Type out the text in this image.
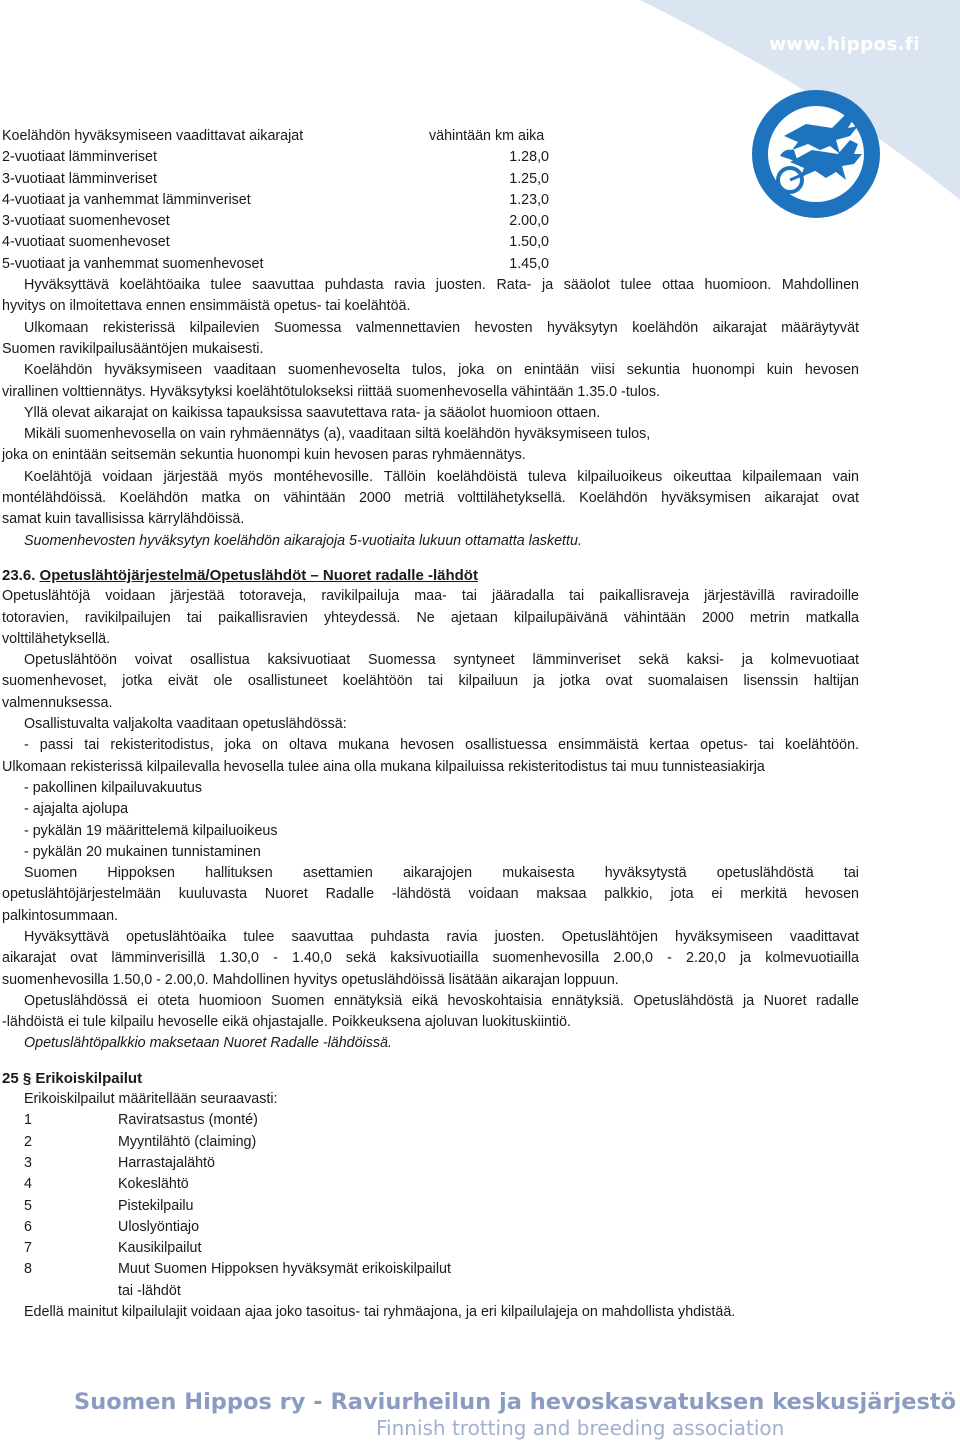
www.hippos.fi
Koelähdön hyväksymiseen vaadittavat aikarajat	vähintään km aika
2-vuotiaat lämminveriset	1.28,0
3-vuotiaat lämminveriset	1.25,0
4-vuotiaat ja vanhemmat lämminveriset	1.23,0
3-vuotiaat suomenhevoset	2.00,0
4-vuotiaat suomenhevoset	1.50,0
5-vuotiaat ja vanhemmat suomenhevoset	1.45,0
Hyväksyttävä koelähtöaika tulee saavuttaa puhdasta ravia juosten. Rata- ja sääolot tulee ottaa huomioon. Mahdollinen
hyvitys on ilmoitettava ennen ensimmäistä opetus- tai koelähtöä.
Ulkomaan rekisterissä kilpailevien Suomessa valmennettavien hevosten hyväksytyn koelähdön aikarajat määräytyvät
Suomen ravikilpailusääntöjen mukaisesti.
Koelähdön hyväksymiseen vaaditaan suomenhevoselta tulos, joka on enintään viisi sekuntia huonompi kuin hevosen
virallinen volttiennätys. Hyväksytyksi koelähtötulokseksi riittää suomenhevosella vähintään 1.35.0 -tulos.
Yllä olevat aikarajat on kaikissa tapauksissa saavutettava rata- ja sääolot huomioon ottaen.
Mikäli suomenhevosella on vain ryhmäennätys (a), vaaditaan siltä koelähdön hyväksymiseen tulos,
joka on enintään seitsemän sekuntia huonompi kuin hevosen paras ryhmäennätys.
Koelähtöjä voidaan järjestää myös montéhevosille. Tällöin koelähdöistä tuleva kilpailuoikeus oikeuttaa kilpailemaan vain
montélähdöissä. Koelähdön matka on vähintään 2000 metriä volttilähetyksellä. Koelähdön hyväksymisen aikarajat ovat
samat kuin tavallisissa kärrylähdöissä.
Suomenhevosten hyväksytyn koelähdön aikarajoja 5-vuotiaita lukuun ottamatta laskettu.
23.6. Opetuslähtöjärjestelmä/Opetuslähdöt – Nuoret radalle -lähdöt
Opetuslähtöjä voidaan järjestää totoraveja, ravikilpailuja maa- tai jääradalla tai paikallisraveja järjestävillä raviradoille
totoravien, ravikilpailujen tai paikallisravien yhteydessä. Ne ajetaan kilpailupäivänä vähintään 2000 metrin matkalla
volttilähetyksellä.
Opetuslähtöön voivat osallistua kaksivuotiaat Suomessa syntyneet lämminveriset sekä kaksi- ja kolmevuotiaat
suomenhevoset, jotka eivät ole osallistuneet koelähtöön tai kilpailuun ja jotka ovat suomalaisen lisenssin haltijan
valmennuksessa.
Osallistuvalta valjakolta vaaditaan opetuslähdössä:
- passi tai rekisteritodistus, joka on oltava mukana hevosen osallistuessa ensimmäistä kertaa opetus- tai koelähtöön.
Ulkomaan rekisterissä kilpailevalla hevosella tulee aina olla mukana kilpailuissa rekisteritodistus tai muu tunnisteasiakirja
- pakollinen kilpailuvakuutus
- ajajalta ajolupa
- pykälän 19 määrittelemä kilpailuoikeus
- pykälän 20 mukainen tunnistaminen
Suomen Hippoksen hallituksen asettamien aikarajojen mukaisesta hyväksytystä opetuslähdöstä tai
opetuslähtöjärjestelmään kuuluvasta Nuoret Radalle -lähdöstä voidaan maksaa palkkio, jota ei merkitä hevosen
palkintosummaan.
Hyväksyttävä opetuslähtöaika tulee saavuttaa puhdasta ravia juosten. Opetuslähtöjen hyväksymiseen vaadittavat
aikarajat ovat lämminverisillä 1.30,0 - 1.40,0 sekä kaksivuotiailla suomenhevosilla 2.00,0 - 2.20,0 ja kolmevuotiailla
suomenhevosilla 1.50,0 - 2.00,0. Mahdollinen hyvitys opetuslähdöissä lisätään aikarajan loppuun.
Opetuslähdössä ei oteta huomioon Suomen ennätyksiä eikä hevoskohtaisia ennätyksiä. Opetuslähdöstä ja Nuoret radalle
-lähdöistä ei tule kilpailu hevoselle eikä ohjastajalle. Poikkeuksena ajoluvan luokituskiintiö.
Opetuslähtöpalkkio maksetaan Nuoret Radalle -lähdöissä.
25 § Erikoiskilpailut
Erikoiskilpailut määritellään seuraavasti:
1	Raviratsastus (monté)
2	Myyntilähtö (claiming)
3	Harrastajalähtö
4	Kokeslähtö
5	Pistekilpailu
6	Uloslyöntiajo
7	Kausikilpailut
8	Muut Suomen Hippoksen hyväksymät erikoiskilpailut
tai -lähdöt
Edellä mainitut kilpailulajit voidaan ajaa joko tasoitus- tai ryhmäajona, ja eri kilpailulajeja on mahdollista yhdistää.
Suomen Hippos ry - Raviurheilun ja hevoskasvatuksen keskusjärjestö
Finnish trotting and breeding association
